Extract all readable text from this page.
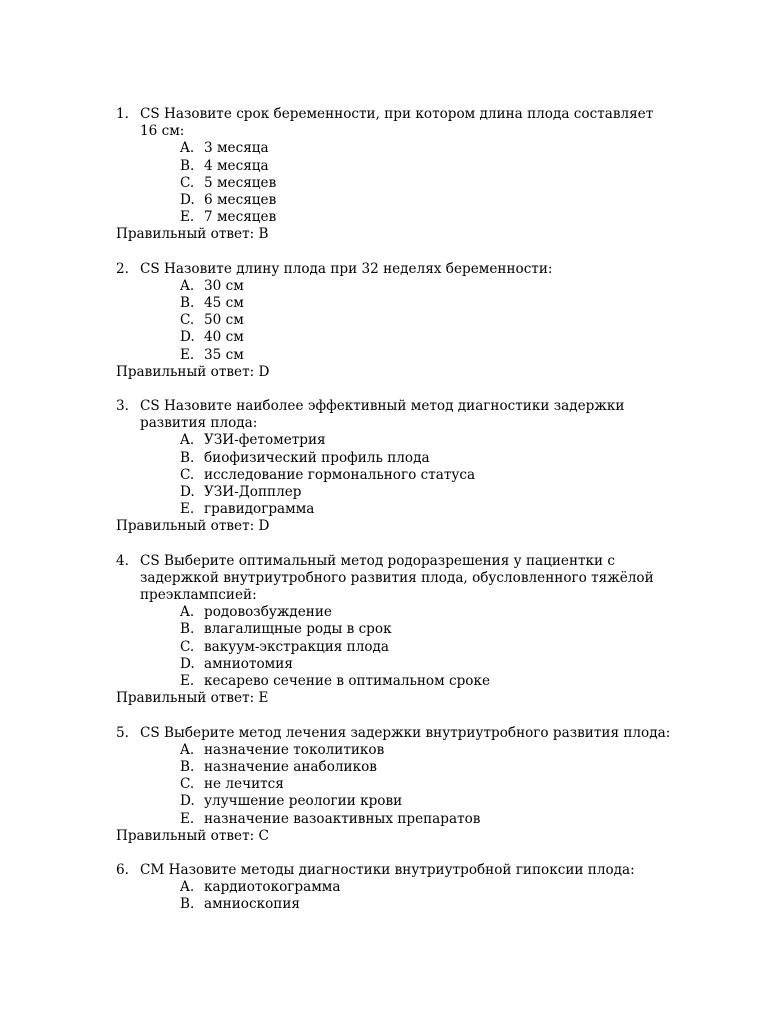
1. CS Назовите срок беременности, при котором длина плода составляет 16 см:
A. 3 месяца
B. 4 месяца
C. 5 месяцев
D. 6 месяцев
E. 7 месяцев
Правильный ответ: B
2. CS Назовите длину плода при 32 неделях беременности:
A. 30 см
B. 45 см
C. 50 см
D. 40 см
E. 35 см
Правильный ответ: D
3. CS Назовите наиболее эффективный метод диагностики задержки развития плода:
A. УЗИ-фетометрия
B. биофизический профиль плода
C. исследование гормонального статуса
D. УЗИ-Допплер
E. гравидограмма
Правильный ответ: D
4. CS Выберите оптимальный метод родоразрешения у пациентки с задержкой внутриутробного развития плода, обусловленного тяжёлой преэклампсией:
A. родовозбуждение
B. влагалищные роды в срок
C. вакуум-экстракция плода
D. амниотомия
E. кесарево сечение в оптимальном сроке
Правильный ответ: E
5. CS Выберите метод лечения задержки внутриутробного развития плода:
A. назначение токолитиков
B. назначение анаболиков
C. не лечится
D. улучшение реологии крови
E. назначение вазоактивных препаратов
Правильный ответ: C
6. CM Назовите методы диагностики внутриутробной гипоксии плода:
A. кардиотокограмма
B. амниоскопия
